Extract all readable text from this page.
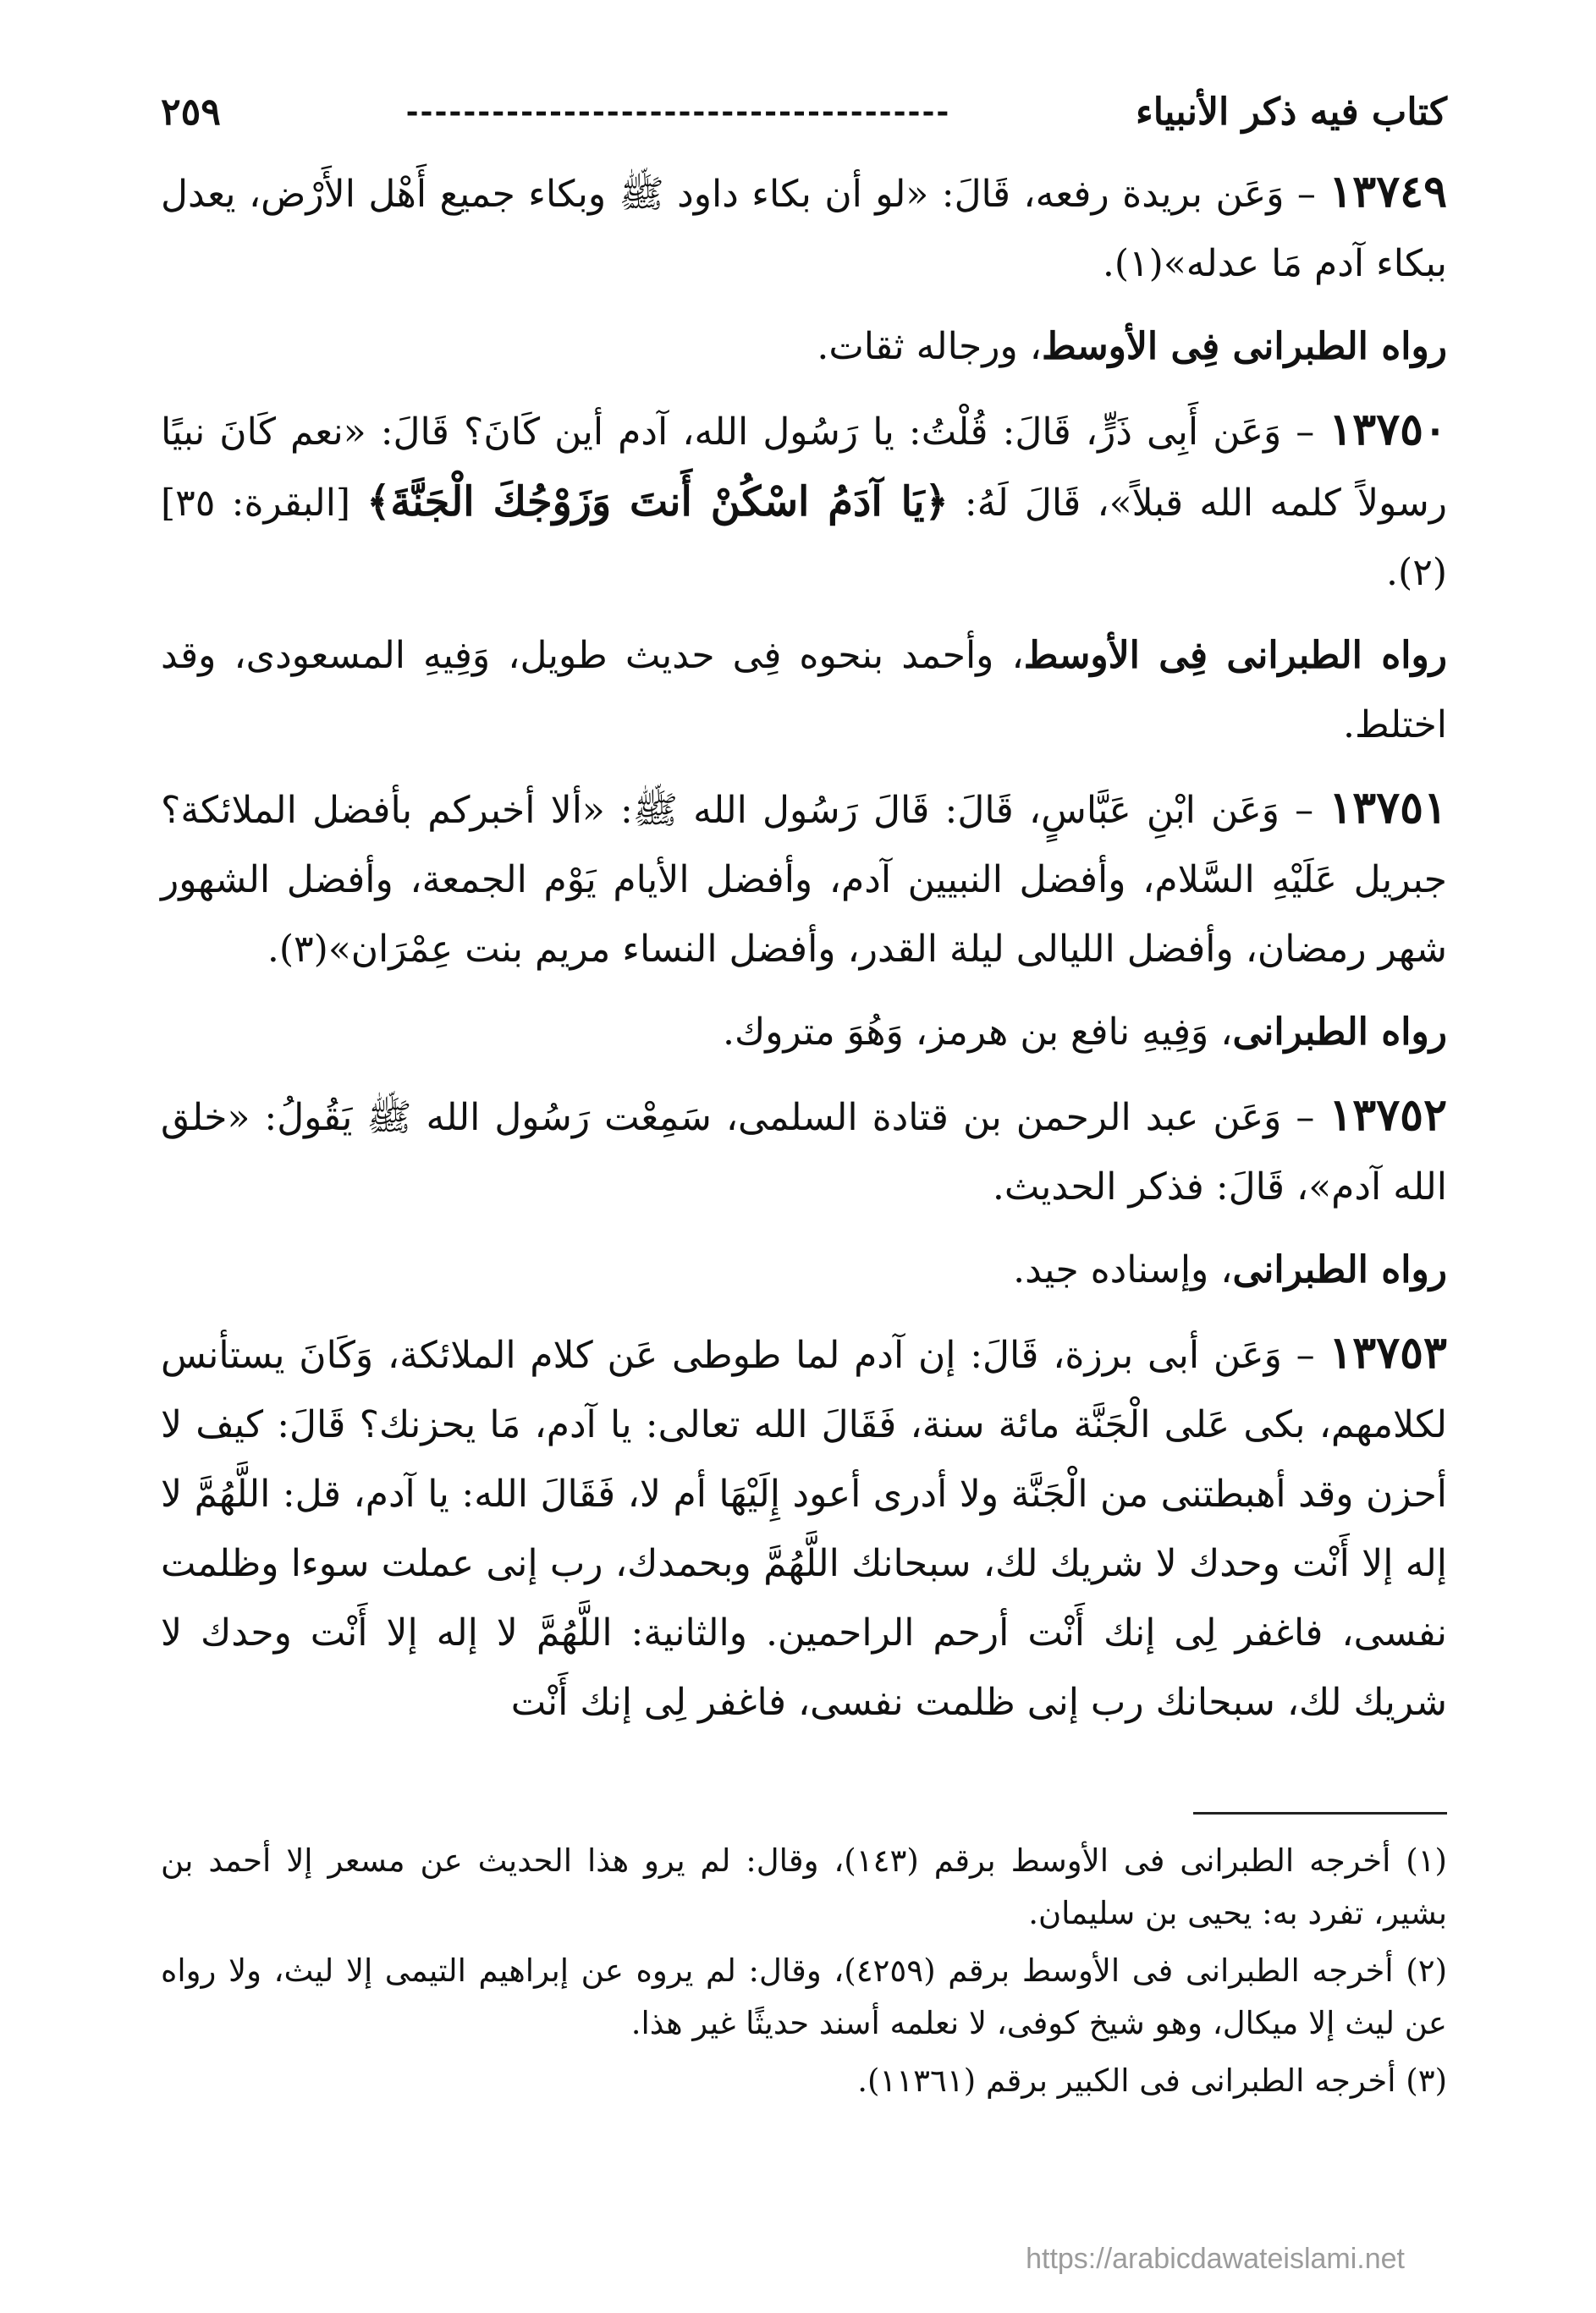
كتاب فيه ذكر الأنبياء
--------------------------------------
٢٥٩

١٣٧٤٩ – وَعَن بريدة رفعه، قَالَ: «لو أن بكاء داود ﷺ وبكاء جميع أَهْل الأَرْض، يعدل ببكاء آدم مَا عدله»(١).

رواه الطبرانى فِى الأوسط، ورجاله ثقات.

١٣٧٥٠ – وَعَن أَبِى ذَرٍّ، قَالَ: قُلْتُ: يا رَسُول الله، آدم أين كَانَ؟ قَالَ: «نعم كَانَ نبيًا رسولاً كلمه الله قبلاً»، قَالَ لَهُ: ﴿يَا آدَمُ اسْكُنْ أَنتَ وَزَوْجُكَ الْجَنَّةَ﴾ [البقرة: ٣٥](٢).

رواه الطبرانى فِى الأوسط، وأحمد بنحوه فِى حديث طويل، وَفِيهِ المسعودى، وقد اختلط.

١٣٧٥١ – وَعَن ابْنِ عَبَّاسٍ، قَالَ: قَالَ رَسُول الله ﷺ: «ألا أخبركم بأفضل الملائكة؟ جبريل عَلَيْهِ السَّلام، وأفضل النبيين آدم، وأفضل الأيام يَوْم الجمعة، وأفضل الشهور شهر رمضان، وأفضل الليالى ليلة القدر، وأفضل النساء مريم بنت عِمْرَان»(٣).

رواه الطبرانى، وَفِيهِ نافع بن هرمز، وَهُوَ متروك.

١٣٧٥٢ – وَعَن عبد الرحمن بن قتادة السلمى، سَمِعْت رَسُول الله ﷺ يَقُولُ: «خلق الله آدم»، قَالَ: فذكر الحديث.

رواه الطبرانى، وإسناده جيد.

١٣٧٥٣ – وَعَن أبى برزة، قَالَ: إن آدم لما طوطى عَن كلام الملائكة، وَكَانَ يستأنس لكلامهم، بكى عَلى الْجَنَّة مائة سنة، فَقَالَ الله تعالى: يا آدم، مَا يحزنك؟ قَالَ: كيف لا أحزن وقد أهبطتنى من الْجَنَّة ولا أدرى أعود إِلَيْهَا أم لا، فَقَالَ الله: يا آدم، قل: اللَّهُمَّ لا إله إلا أَنْت وحدك لا شريك لك، سبحانك اللَّهُمَّ وبحمدك، رب إنى عملت سوءا وظلمت نفسى، فاغفر لِى إنك أَنْت أرحم الراحمين. والثانية: اللَّهُمَّ لا إله إلا أَنْت وحدك لا شريك لك، سبحانك رب إنى ظلمت نفسى، فاغفر لِى إنك أَنْت

(١) أخرجه الطبرانى فى الأوسط برقم (١٤٣)، وقال: لم يرو هذا الحديث عن مسعر إلا أحمد بن بشير، تفرد به: يحيى بن سليمان.

(٢) أخرجه الطبرانى فى الأوسط برقم (٤٢٥٩)، وقال: لم يروه عن إبراهيم التيمى إلا ليث، ولا رواه عن ليث إلا ميكال، وهو شيخ كوفى، لا نعلمه أسند حديثًا غير هذا.

(٣) أخرجه الطبرانى فى الكبير برقم (١١٣٦١).

https://arabicdawateislami.net
